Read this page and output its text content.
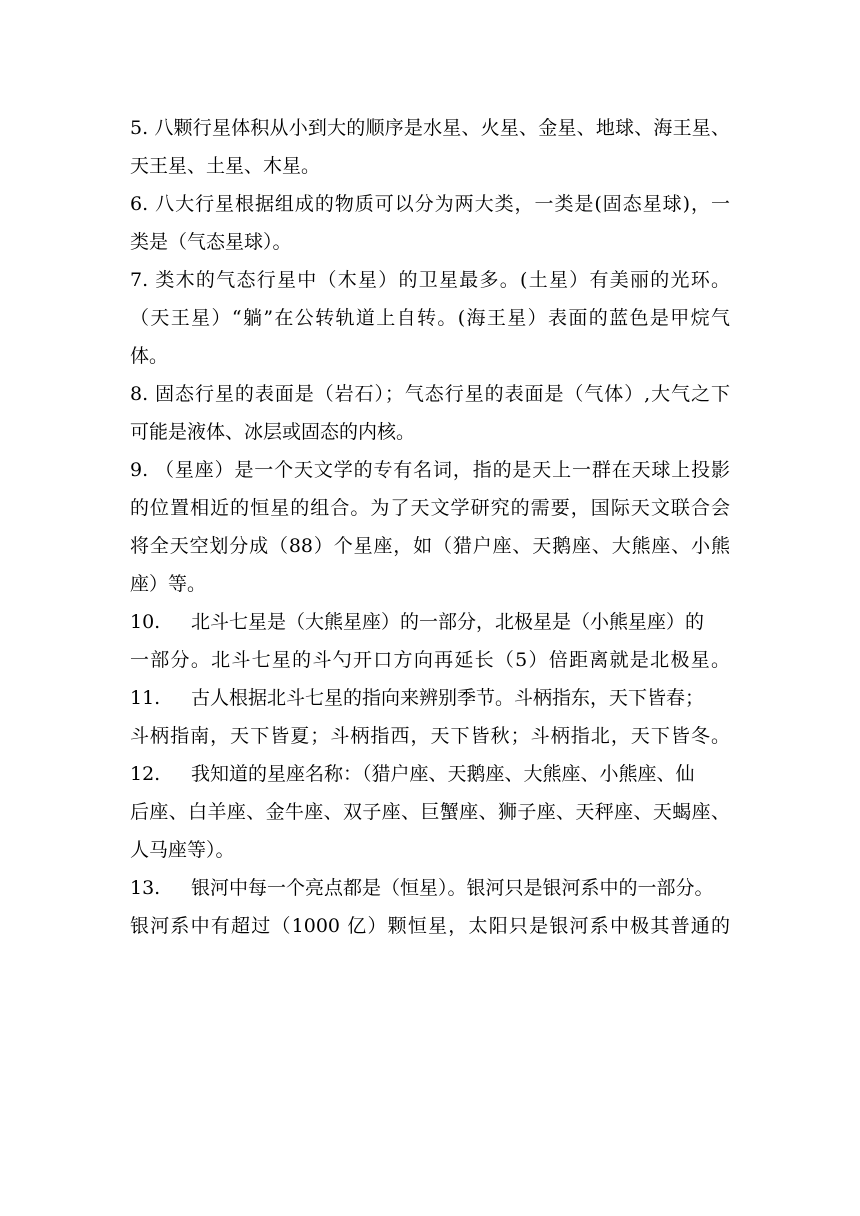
5. 八颗行星体积从小到大的顺序是水星、火星、金星、地球、海王星、
天王星、土星、木星。
6. 八大行星根据组成的物质可以分为两大类，一类是(固态星球)，一
类是（气态星球）。
7. 类木的气态行星中（木星）的卫星最多。(土星）有美丽的光环。
（天王星）“躺”在公转轨道上自转。(海王星）表面的蓝色是甲烷气
体。
8. 固态行星的表面是（岩石）；气态行星的表面是（气体）,大气之下
可能是液体、冰层或固态的内核。
9. （星座）是一个天文学的专有名词，指的是天上一群在天球上投影
的位置相近的恒星的组合。为了天文学研究的需要，国际天文联合会
将全天空划分成（88）个星座，如（猎户座、天鹅座、大熊座、小熊
座）等。
10. 北斗七星是（大熊星座）的一部分，北极星是（小熊星座）的
一部分。北斗七星的斗勺开口方向再延长（5）倍距离就是北极星。
11. 古人根据北斗七星的指向来辨别季节。斗柄指东，天下皆春；
斗柄指南，天下皆夏；斗柄指西，天下皆秋；斗柄指北，天下皆冬。
12. 我知道的星座名称：（猎户座、天鹅座、大熊座、小熊座、仙
后座、白羊座、金牛座、双子座、巨蟹座、狮子座、天秤座、天蝎座、
人马座等）。
13. 银河中每一个亮点都是（恒星）。银河只是银河系中的一部分。
银河系中有超过（1000 亿）颗恒星，太阳只是银河系中极其普通的
